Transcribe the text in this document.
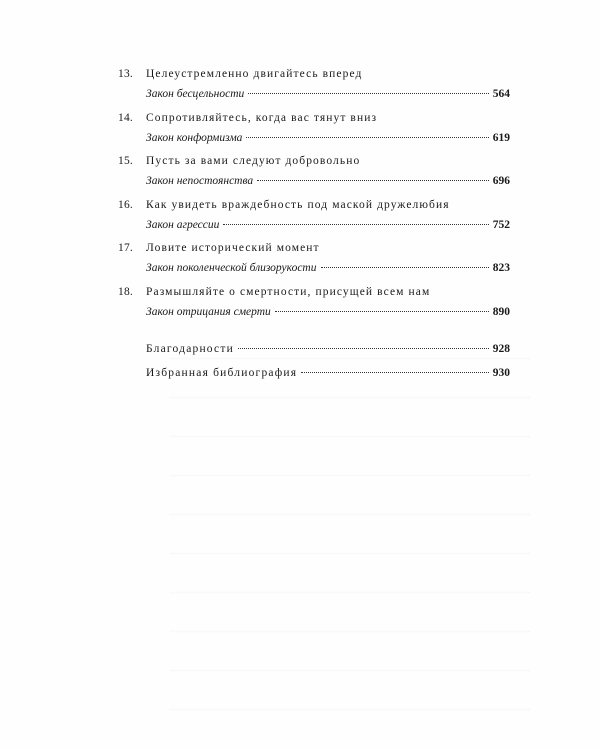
13.	Целеустремленно двигайтесь вперед
Закон бесцельности	564
14.	Сопротивляйтесь, когда вас тянут вниз
Закон конформизма	619
15.	Пусть за вами следуют добровольно
Закон непостоянства	696
16.	Как увидеть враждебность под маской дружелюбия
Закон агрессии	752
17.	Ловите исторический момент
Закон поколенческой близорукости	823
18.	Размышляйте о смертности, присущей всем нам
Закон отрицания смерти	890
Благодарности	928
Избранная библиография	930
